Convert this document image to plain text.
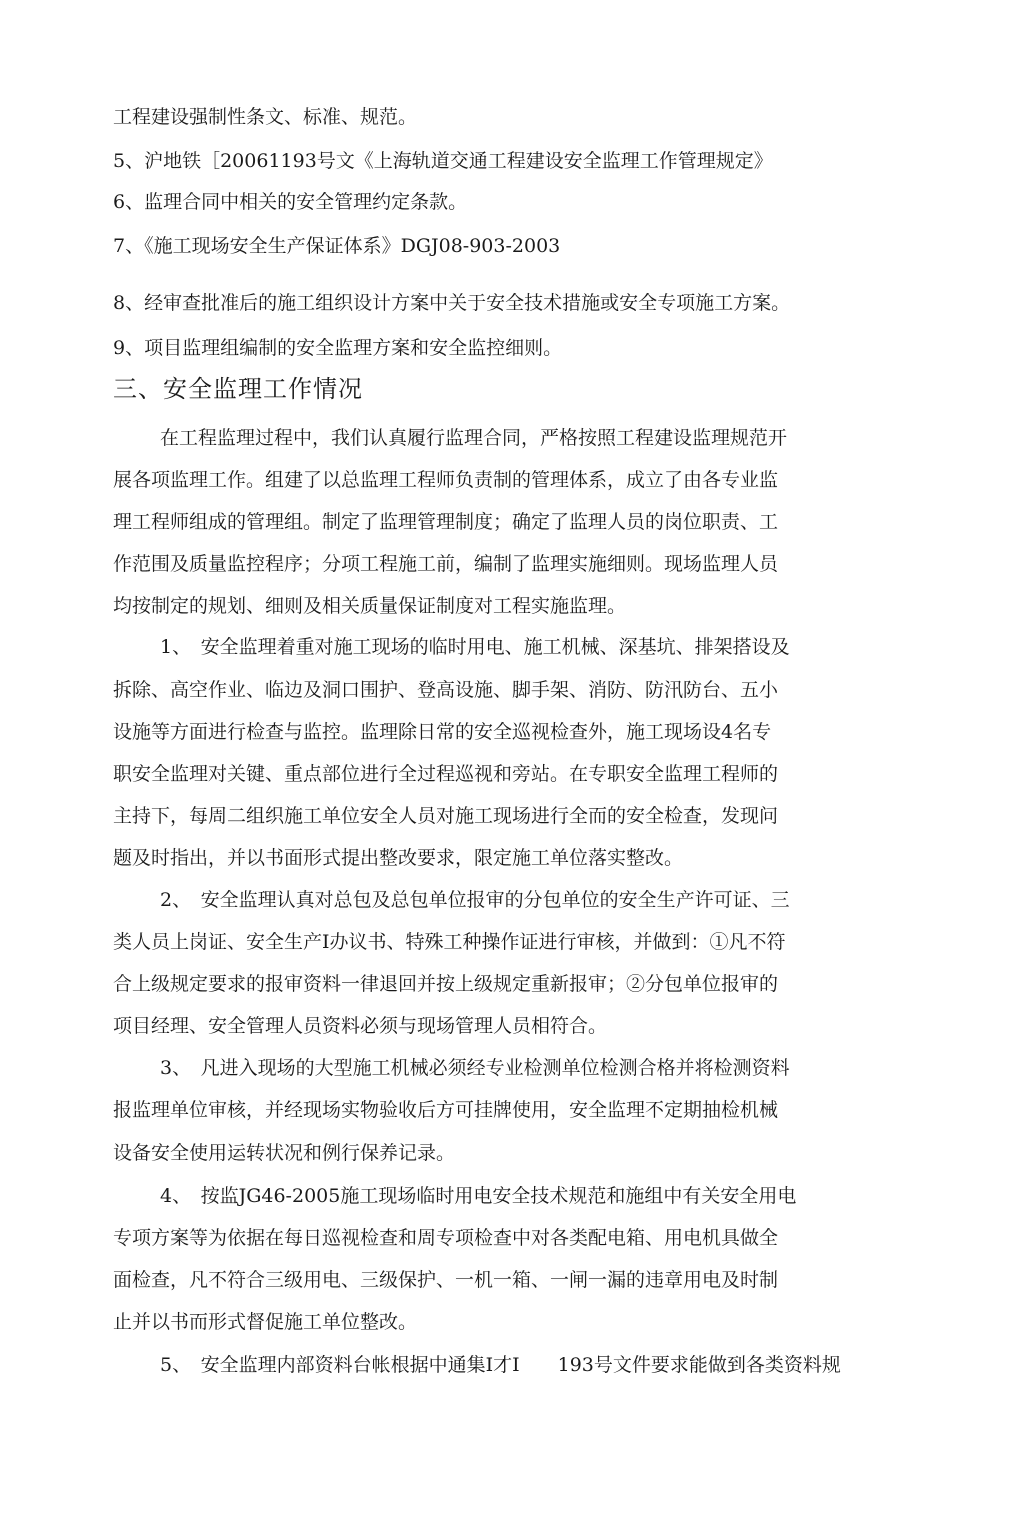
工程建设强制性条文、标准、规范。
5、沪地铁［20061193号文《上海轨道交通工程建设安全监理工作管理规定》
6、监理合同中相关的安全管理约定条款。
7、《施工现场安全生产保证体系》DGJ08-903-2003
8、经审查批准后的施工组织设计方案中关于安全技术措施或安全专项施工方案。
9、项目监理组编制的安全监理方案和安全监控细则。
三、安全监理工作情况
在工程监理过程中，我们认真履行监理合同，严格按照工程建设监理规范开
展各项监理工作。组建了以总监理工程师负责制的管理体系，成立了由各专业监
理工程师组成的管理组。制定了监理管理制度；确定了监理人员的岗位职责、工
作范围及质量监控程序；分项工程施工前，编制了监理实施细则。现场监理人员
均按制定的规划、细则及相关质量保证制度对工程实施监理。
1、　安全监理着重对施工现场的临时用电、施工机械、深基坑、排架搭设及
拆除、高空作业、临边及洞口围护、登高设施、脚手架、消防、防汛防台、五小
设施等方面进行检查与监控。监理除日常的安全巡视检查外，施工现场设4名专
职安全监理对关键、重点部位进行全过程巡视和旁站。在专职安全监理工程师的
主持下，每周二组织施工单位安全人员对施工现场进行全而的安全检查，发现问
题及时指出，并以书面形式提出整改要求，限定施工单位落实整改。
2、　安全监理认真对总包及总包单位报审的分包单位的安全生产许可证、三
类人员上岗证、安全生产I办议书、特殊工种操作证进行审核，并做到：①凡不符
合上级规定要求的报审资料一律退回并按上级规定重新报审；②分包单位报审的
项目经理、安全管理人员资料必须与现场管理人员相符合。
3、　凡进入现场的大型施工机械必须经专业检测单位检测合格并将检测资料
报监理单位审核，并经现场实物验收后方可挂牌使用，安全监理不定期抽检机械
设备安全使用运转状况和例行保养记录。
4、　按监JG46-2005施工现场临时用电安全技术规范和施组中有关安全用电
专项方案等为依据在每日巡视检查和周专项检查中对各类配电箱、用电机具做全
面检查，凡不符合三级用电、三级保护、一机一箱、一闸一漏的违章用电及时制
止并以书而形式督促施工单位整改。
5、　安全监理内部资料台帐根据中通集I才I　　193号文件要求能做到各类资料规
